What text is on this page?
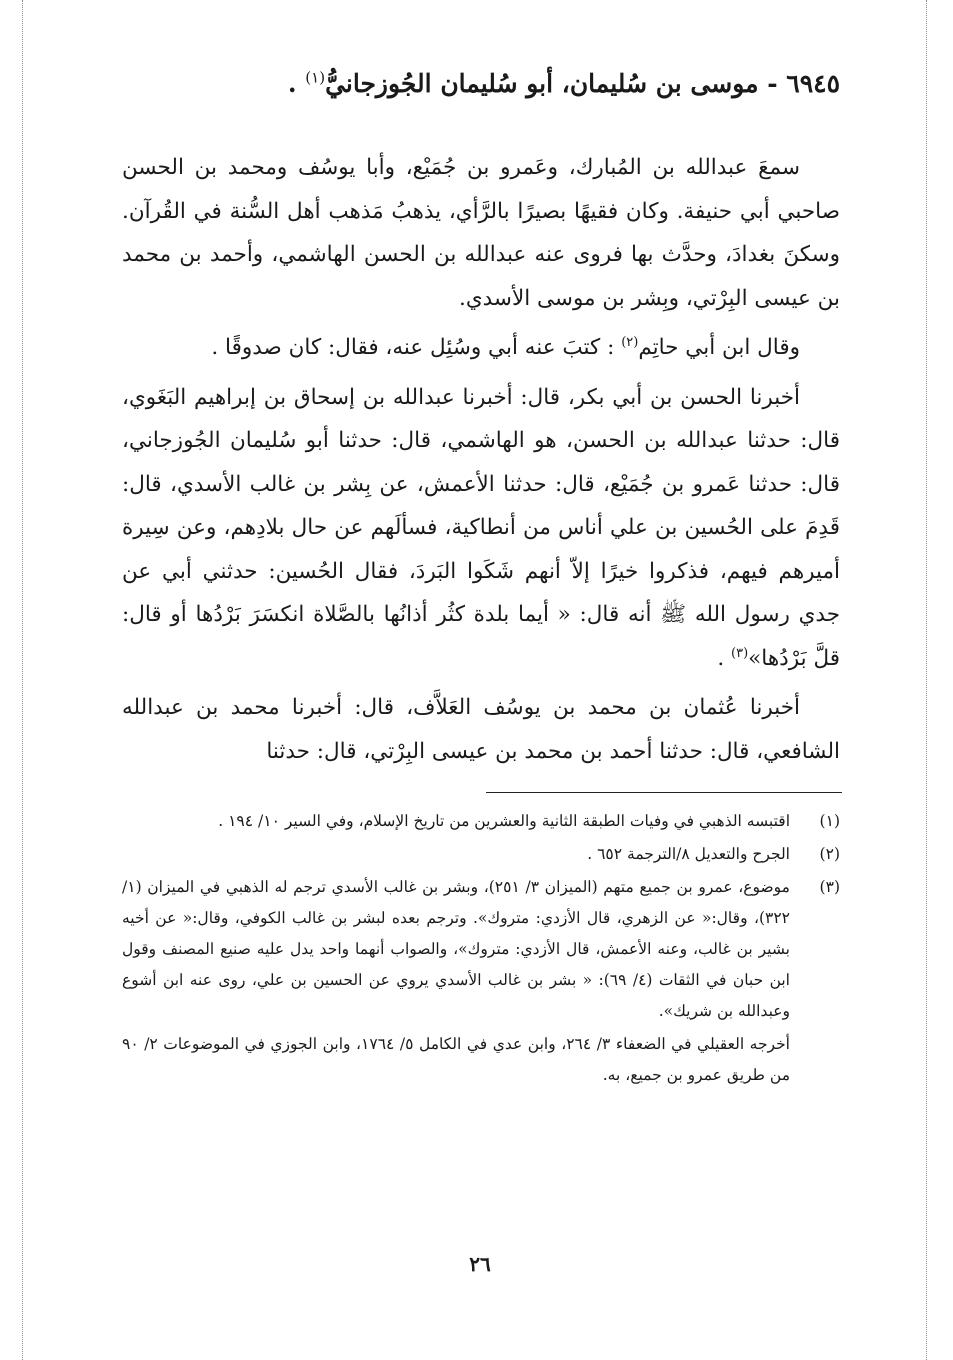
٦٩٤٥ - موسى بن سُليمان، أبو سُليمان الجُوزجانيُّ$^{(١)}$ .

سمعَ عبدالله بن المُبارك، وعَمرو بن جُمَيْع، وأبا يوسُف ومحمد بن الحسن صاحبي أبي حنيفة. وكان فقيهًا بصيرًا بالرَّأي، يذهبُ مَذهب أهل السُّنة في القُرآن. وسكنَ بغدادَ، وحدَّث بها فروى عنه عبدالله بن الحسن الهاشمي، وأحمد بن محمد بن عيسى البِرْتي، وبِشر بن موسى الأسدي.

وقال ابن أبي حاتِم$^{(٢)}$ : كتبَ عنه أبي وسُئِل عنه، فقال: كان صدوقًا .

أخبرنا الحسن بن أبي بكر، قال: أخبرنا عبدالله بن إسحاق بن إبراهيم البَغَوي، قال: حدثنا عبدالله بن الحسن، هو الهاشمي، قال: حدثنا أبو سُليمان الجُوزجاني، قال: حدثنا عَمرو بن جُمَيْع، قال: حدثنا الأعمش، عن بِشر بن غالب الأسدي، قال: قَدِمَ على الحُسين بن علي أناس من أنطاكية، فسألَهم عن حال بلادِهم، وعن سِيرة أميرهم فيهم، فذكروا خيرًا إلاّ أنهم شَكَوا البَردَ، فقال الحُسين: حدثني أبي عن جدي رسول الله ﷺ أنه قال: « أيما بلدة كثُر أذانُها بالصَّلاة انكسَرَ بَرْدُها أو قال: قلَّ بَرْدُها»$^{(٣)}$ .

أخبرنا عُثمان بن محمد بن يوسُف العَلاَّف، قال: أخبرنا محمد بن عبدالله الشافعي، قال: حدثنا أحمد بن محمد بن عيسى البِرْتي، قال: حدثنا

(١)
اقتبسه الذهبي في وفيات الطبقة الثانية والعشرين من تاريخ الإسلام، وفي السير ١٠/ ١٩٤ .
(٢)
الجرح والتعديل ٨/الترجمة ٦٥٢ .
(٣)
موضوع، عمرو بن جميع متهم (الميزان ٣/ ٢٥١)، وبشر بن غالب الأسدي ترجم له الذهبي في الميزان (١/ ٣٢٢)، وقال:« عن الزهري، قال الأزدي: متروك». وترجم بعده لبشر بن غالب الكوفي، وقال:« عن أخيه بشير بن غالب، وعنه الأعمش، قال الأزدي: متروك»، والصواب أنهما واحد يدل عليه صنيع المصنف وقول ابن حبان في الثقات (٤/ ٦٩): « بشر بن غالب الأسدي يروي عن الحسين بن علي، روى عنه ابن أشوع وعبدالله بن شريك».
أخرجه العقيلي في الضعفاء ٣/ ٢٦٤، وابن عدي في الكامل ٥/ ١٧٦٤، وابن الجوزي في الموضوعات ٢/ ٩٠ من طريق عمرو بن جميع، به.
٢٦
